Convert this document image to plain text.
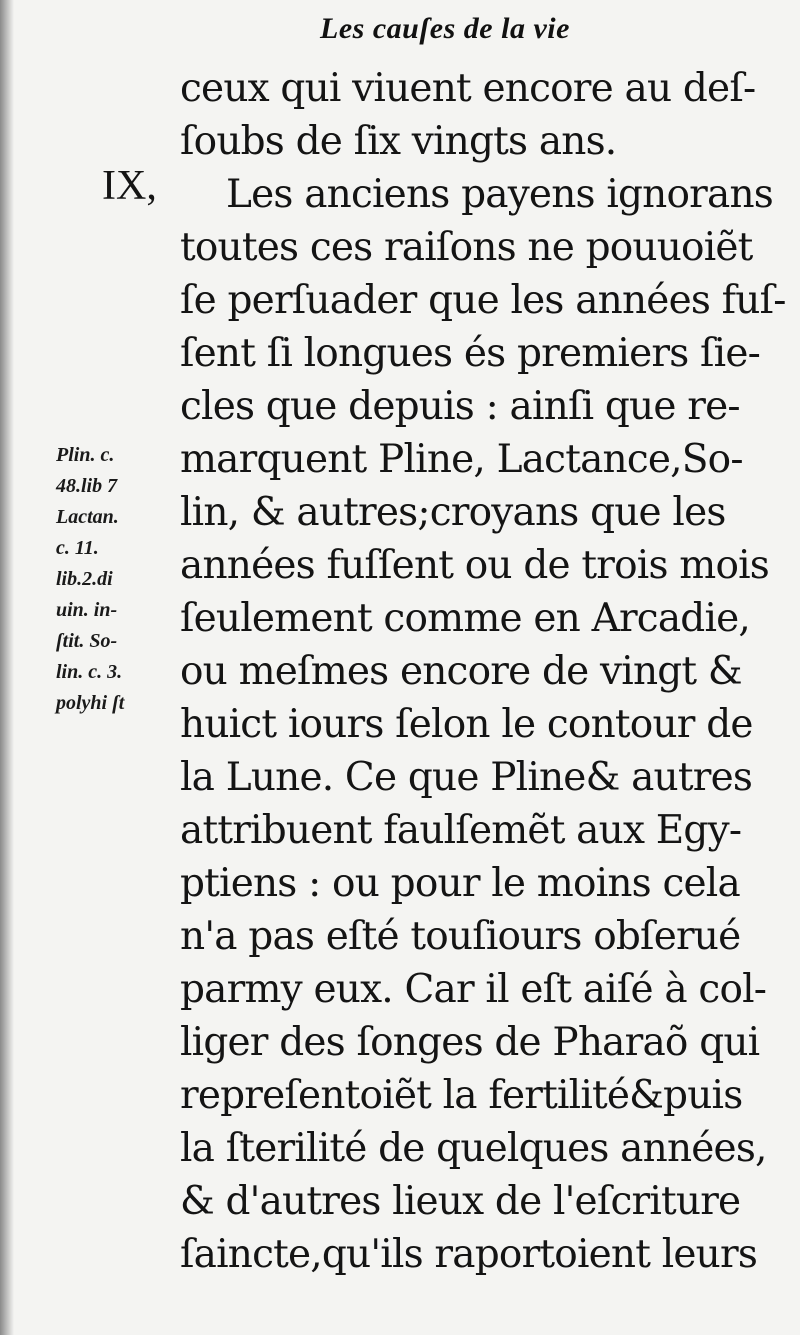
Les cauſes de la vie
IX,
Plin. c.
48.lib 7
Lactan.
c. 11.
lib.2.di
uin. in-
ſtit. So-
lin. c. 3.
polyhi ſt
ceux qui viuent encore au deſ-
ſoubs de ſix vingts ans.
Les anciens payens ignorans
toutes ces raiſons ne pouuoiẽt
ſe perſuader que les années fuſ-
ſent ſi longues és premiers ſie-
cles que depuis : ainſi que re-
marquent Pline, Lactance,So-
lin, & autres;croyans que les
années fuſſent ou de trois mois
ſeulement comme en Arcadie,
ou meſmes encore de vingt &
huict iours ſelon le contour de
la Lune. Ce que Pline& autres
attribuent faulſemẽt aux Egy-
ptiens : ou pour le moins cela
n'a pas eſté touſiours obſerué
parmy eux. Car il eſt aiſé à col-
liger des ſonges de Pharaõ qui
repreſentoiẽt la fertilité&puis
la ſterilité de quelques années,
& d'autres lieux de l'eſcriture
ſaincte,qu'ils raportoient leurs
